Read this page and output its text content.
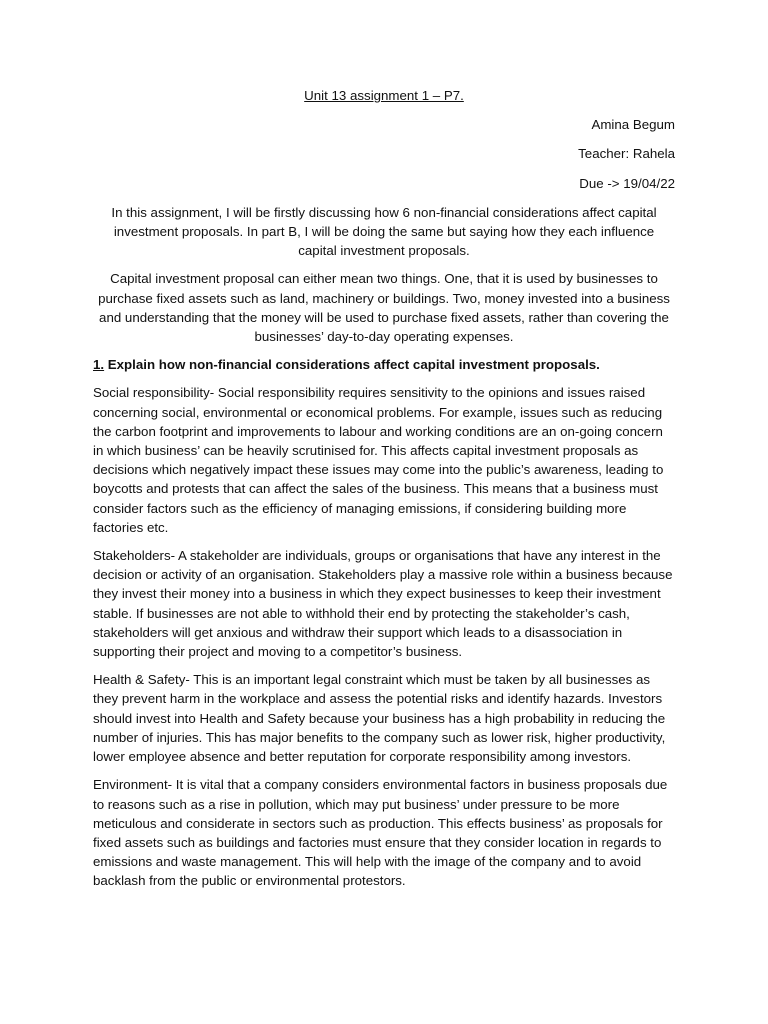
Unit 13 assignment 1 – P7.

Amina Begum

Teacher: Rahela

Due -> 19/04/22

In this assignment, I will be firstly discussing how 6 non-financial considerations affect capital investment proposals. In part B, I will be doing the same but saying how they each influence capital investment proposals.

Capital investment proposal can either mean two things. One, that it is used by businesses to purchase fixed assets such as land, machinery or buildings. Two, money invested into a business and understanding that the money will be used to purchase fixed assets, rather than covering the businesses’ day-to-day operating expenses.

1. Explain how non-financial considerations affect capital investment proposals.

Social responsibility- Social responsibility requires sensitivity to the opinions and issues raised concerning social, environmental or economical problems. For example, issues such as reducing the carbon footprint and improvements to labour and working conditions are an on-going concern in which business’ can be heavily scrutinised for. This affects capital investment proposals as decisions which negatively impact these issues may come into the public’s awareness, leading to boycotts and protests that can affect the sales of the business. This means that a business must consider factors such as the efficiency of managing emissions, if considering building more factories etc.

Stakeholders- A stakeholder are individuals, groups or organisations that have any interest in the decision or activity of an organisation. Stakeholders play a massive role within a business because they invest their money into a business in which they expect businesses to keep their investment stable. If businesses are not able to withhold their end by protecting the stakeholder’s cash, stakeholders will get anxious and withdraw their support which leads to a disassociation in supporting their project and moving to a competitor’s business.

Health & Safety- This is an important legal constraint which must be taken by all businesses as they prevent harm in the workplace and assess the potential risks and identify hazards. Investors should invest into Health and Safety because your business has a high probability in reducing the number of injuries. This has major benefits to the company such as lower risk, higher productivity, lower employee absence and better reputation for corporate responsibility among investors.

Environment- It is vital that a company considers environmental factors in business proposals due to reasons such as a rise in pollution, which may put business’ under pressure to be more meticulous and considerate in sectors such as production. This effects business’ as proposals for fixed assets such as buildings and factories must ensure that they consider location in regards to emissions and waste management. This will help with the image of the company and to avoid backlash from the public or environmental protestors.
